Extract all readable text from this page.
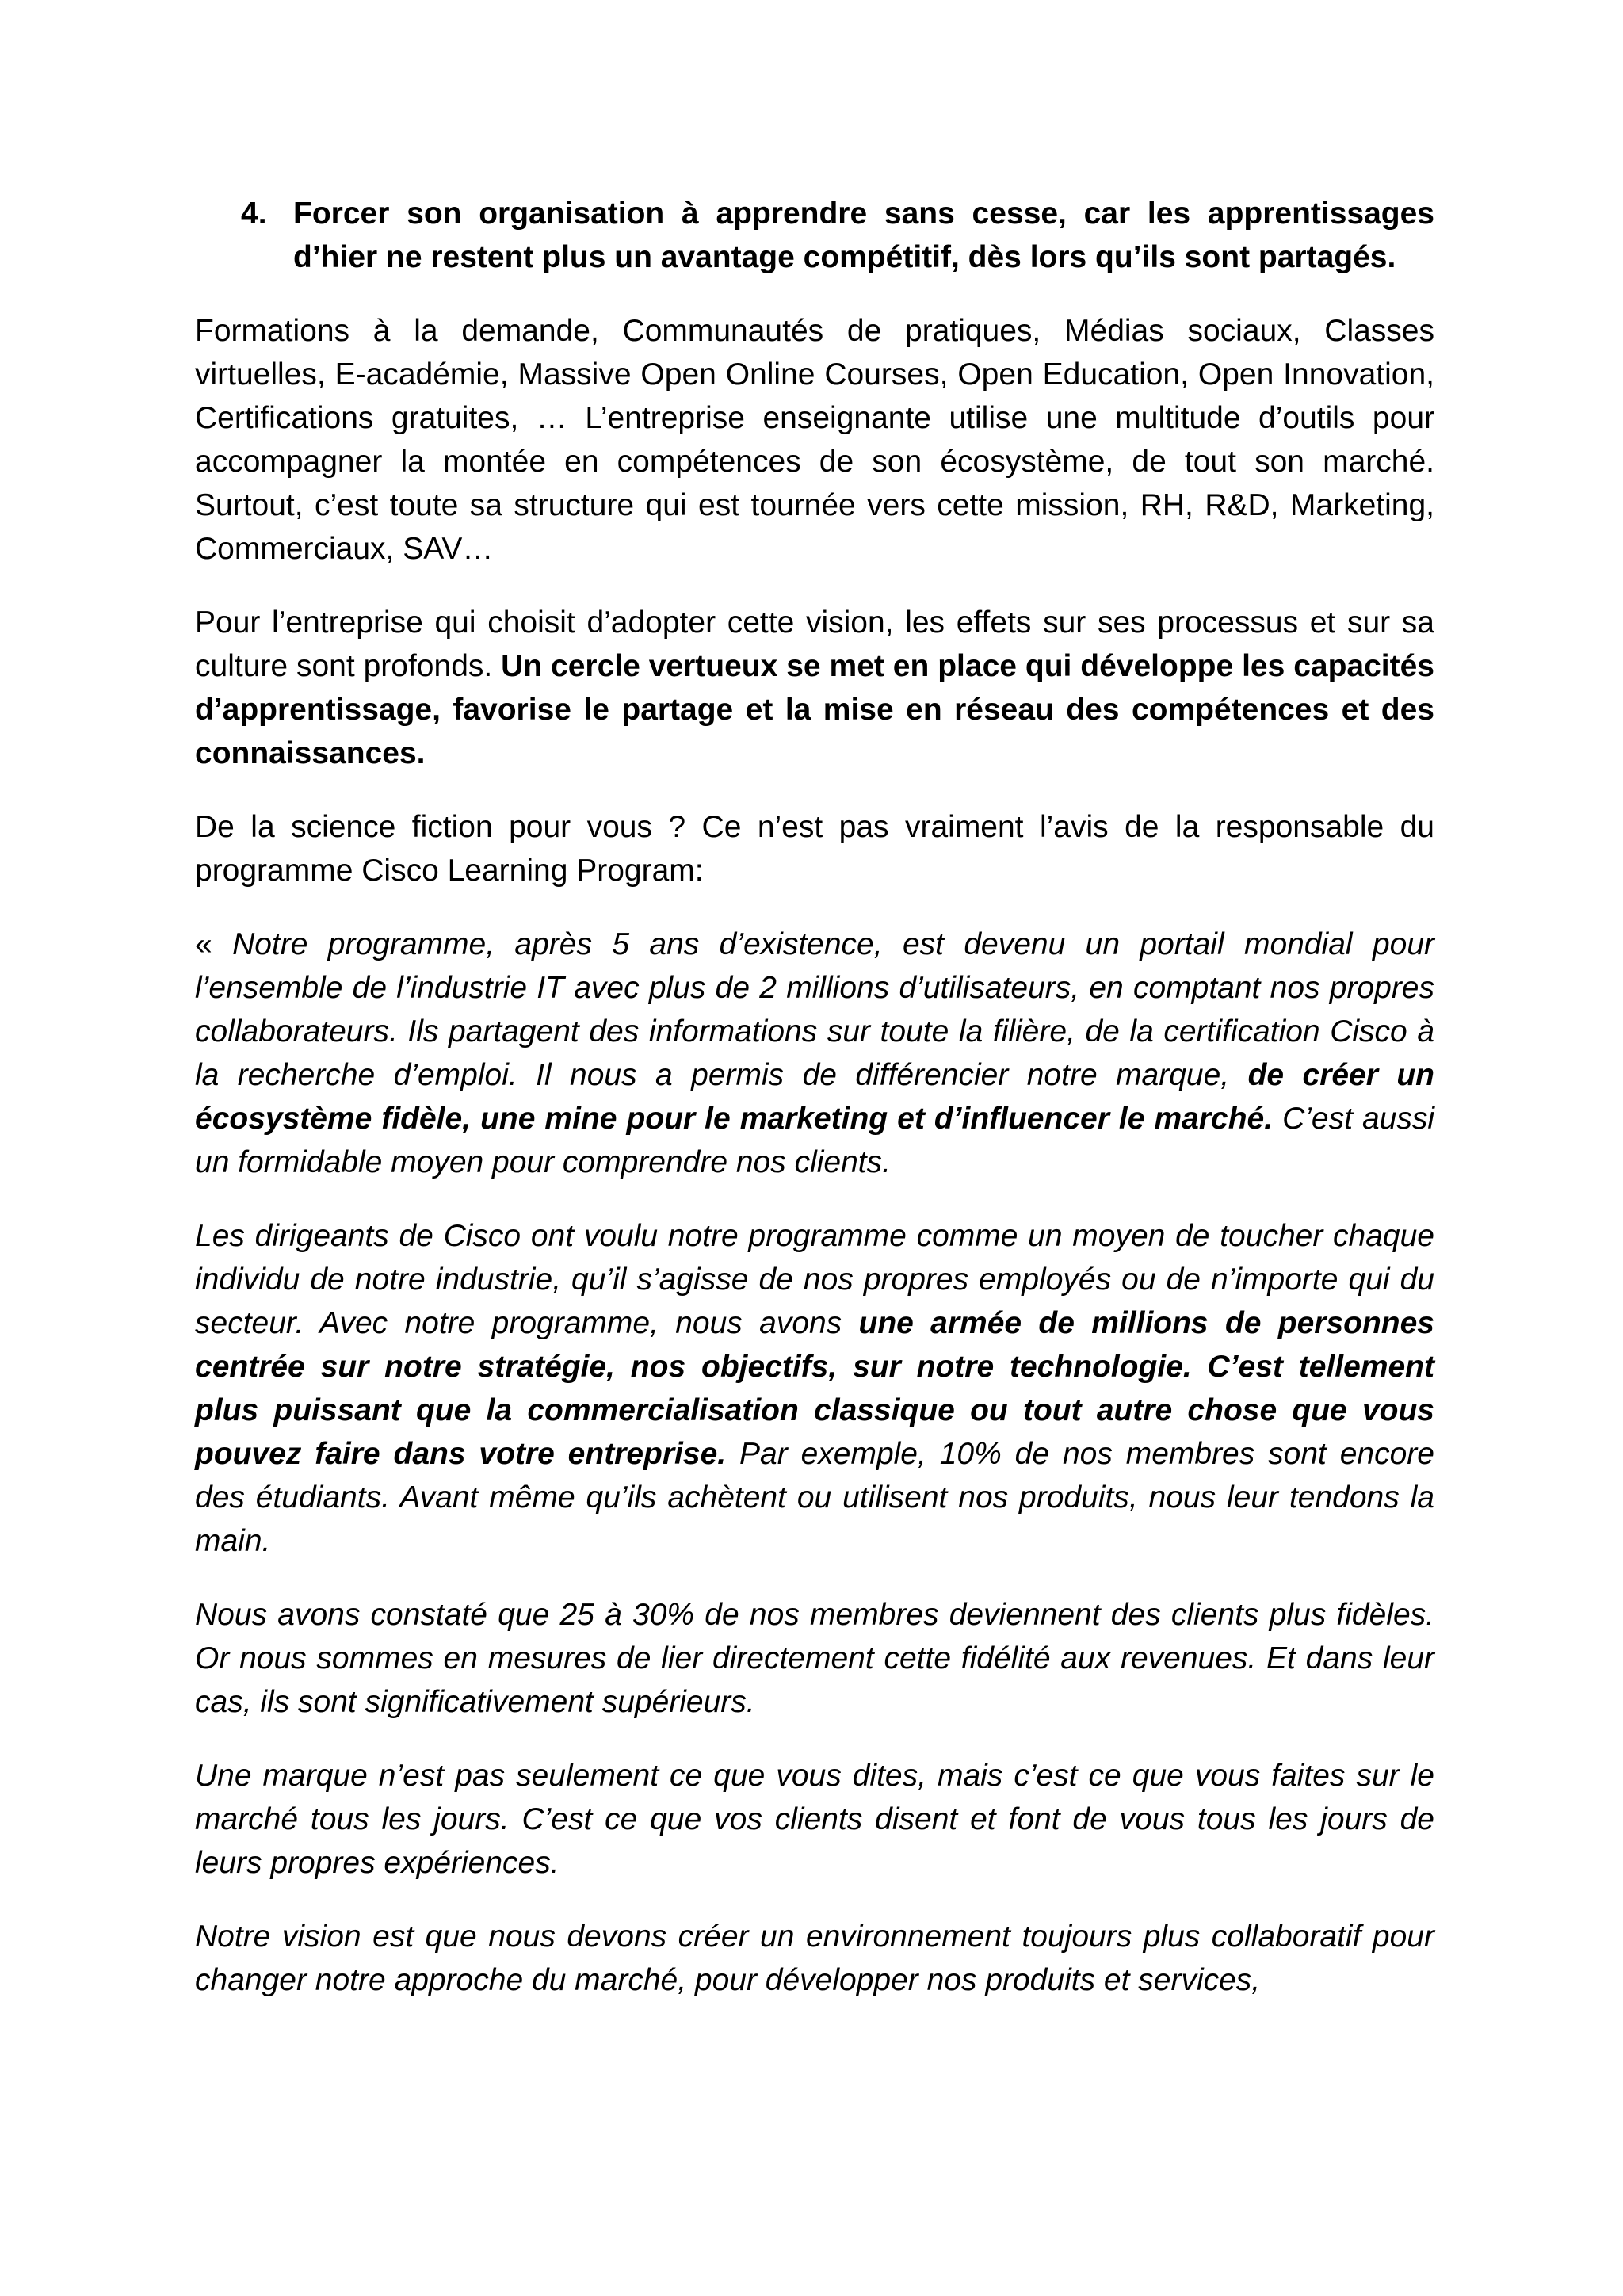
4. Forcer son organisation à apprendre sans cesse, car les apprentissages d’hier ne restent plus un avantage compétitif, dès lors qu’ils sont partagés.

Formations à la demande, Communautés de pratiques, Médias sociaux, Classes virtuelles, E-académie, Massive Open Online Courses, Open Education, Open Innovation, Certifications gratuites, … L’entreprise enseignante utilise une multitude d’outils pour accompagner la montée en compétences de son écosystème, de tout son marché. Surtout, c’est toute sa structure qui est tournée vers cette mission, RH, R&D, Marketing, Commerciaux, SAV…

Pour l’entreprise qui choisit d’adopter cette vision, les effets sur ses processus et sur sa culture sont profonds. Un cercle vertueux se met en place qui développe les capacités d’apprentissage, favorise le partage et la mise en réseau des compétences et des connaissances.

De la science fiction pour vous ? Ce n’est pas vraiment l’avis de la responsable du programme Cisco Learning Program:

« Notre programme, après 5 ans d’existence, est devenu un portail mondial pour l’ensemble de l’industrie IT avec plus de 2 millions d’utilisateurs, en comptant nos propres collaborateurs. Ils partagent des informations sur toute la filière, de la certification Cisco à la recherche d’emploi. Il nous a permis de différencier notre marque, de créer un écosystème fidèle, une mine pour le marketing et d’influencer le marché. C’est aussi un formidable moyen pour comprendre nos clients.

Les dirigeants de Cisco ont voulu notre programme comme un moyen de toucher chaque individu de notre industrie, qu’il s’agisse de nos propres employés ou de n’importe qui du secteur. Avec notre programme, nous avons une armée de millions de personnes centrée sur notre stratégie, nos objectifs, sur notre technologie. C’est tellement plus puissant que la commercialisation classique ou tout autre chose que vous pouvez faire dans votre entreprise. Par exemple, 10% de nos membres sont encore des étudiants. Avant même qu’ils achètent ou utilisent nos produits, nous leur tendons la main.

Nous avons constaté que 25 à 30% de nos membres deviennent des clients plus fidèles. Or nous sommes en mesures de lier directement cette fidélité aux revenues. Et dans leur cas, ils sont significativement supérieurs.

Une marque n’est pas seulement ce que vous dites, mais c’est ce que vous faites sur le marché tous les jours. C’est ce que vos clients disent et font de vous tous les jours de leurs propres expériences.

Notre vision est que nous devons créer un environnement toujours plus collaboratif pour changer notre approche du marché, pour développer nos produits et services,
